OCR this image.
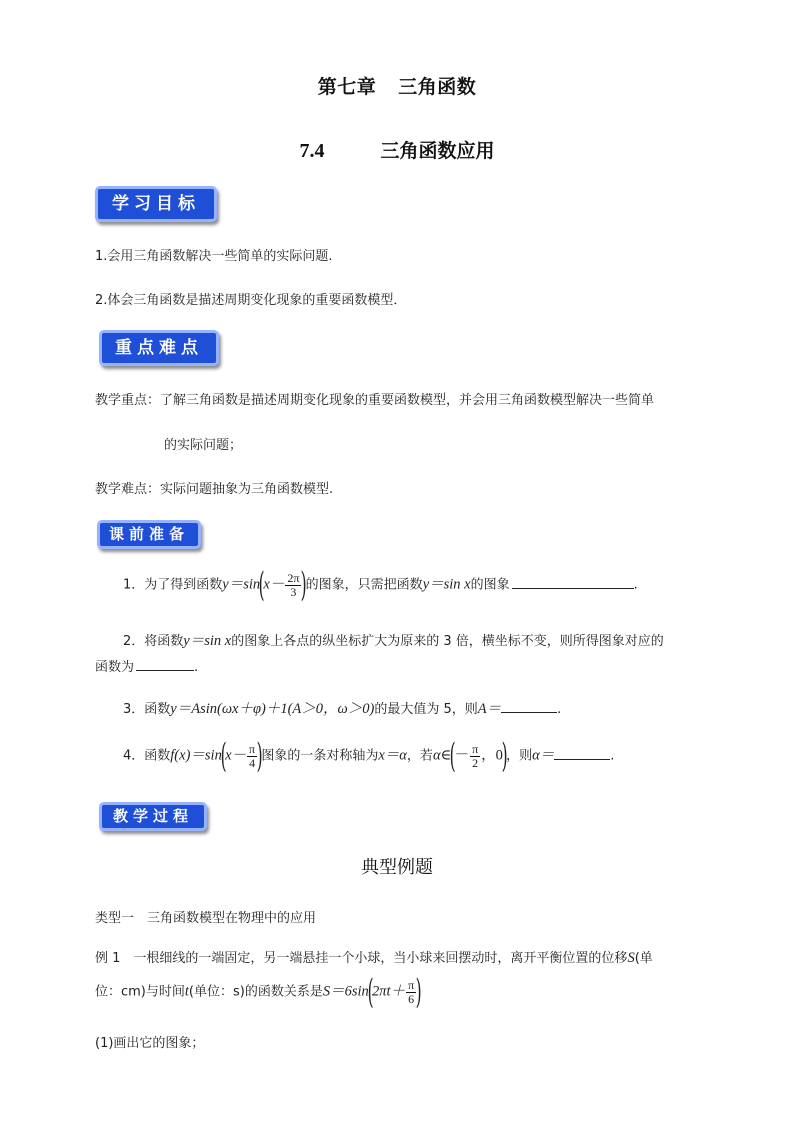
第七章 三角函数
7.4	三角函数应用
学习目标
1.会用三角函数解决一些简单的实际问题.
2.体会三角函数是描述周期变化现象的重要函数模型．
重点难点
教学重点：了解三角函数是描述周期变化现象的重要函数模型，并会用三角函数模型解决一些简单
的实际问题；
教学难点：实际问题抽象为三角函数模型.
课前准备
1．为了得到函数$y=\sin(x- \frac{2\pi}{3}$ )的图象，只需把函数y＝sin x的图象	.
2．将函数y＝sin x的图象上各点的纵坐标扩大为原来的 3 倍，横坐标不变，则所得图象对应的
函数为	.
3．函数y＝Asin(ωx＋φ)＋1(A＞0，ω＞0)的最大值为 5，则A＝	.
4．函数$f(x)=\sin(x- \frac{\pi}{4}$ )图象的一条对称轴为x＝α，若α∈(－ $\frac{\pi}{2}$ ，0)，则α＝	.
教学过程
典型例题
类型一　三角函数模型在物理中的应用
例 1　 一根细线的一端固定，另一端悬挂一个小球，当小球来回摆动时，离开平衡位置的位移S(单
位：cm)与时间t(单位：s)的函数关系是$S=6\sin(2\pi t+ \frac{\pi}{6}$ )
(1)画出它的图象；
